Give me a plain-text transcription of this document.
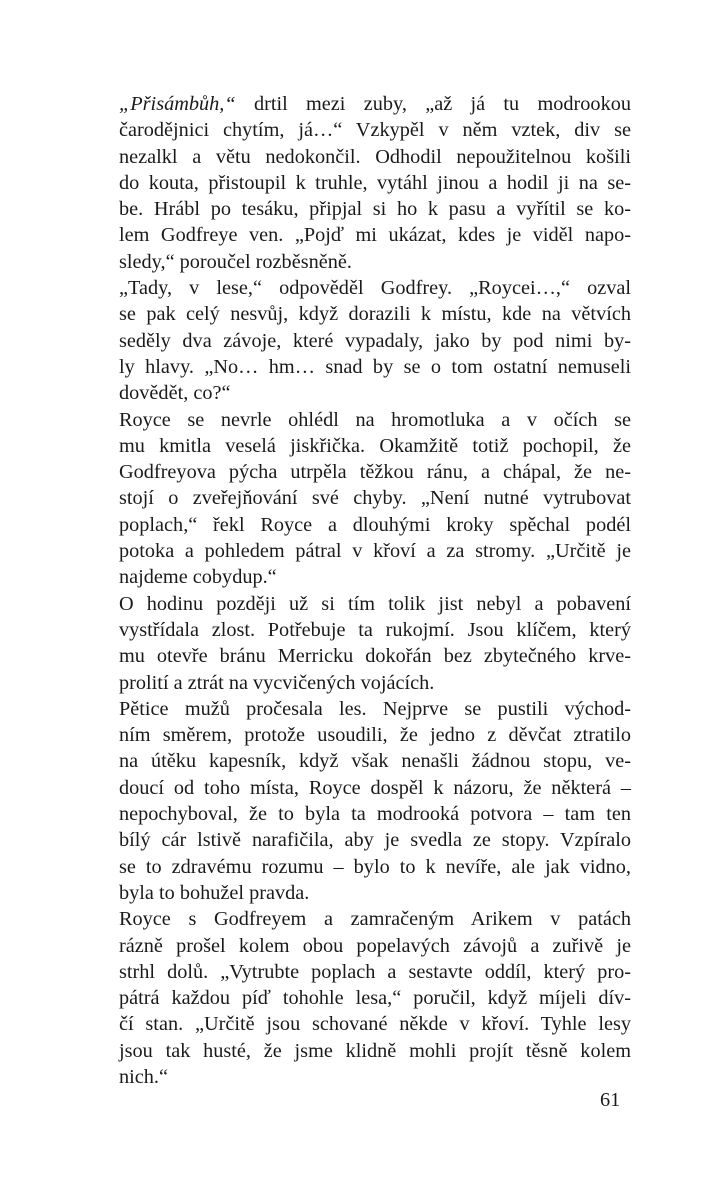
„Přisámbůh,“ drtil mezi zuby, „až já tu modrookou
čarodějnici chytím, já…“ Vzkypěl v něm vztek, div se
nezalkl a větu nedokončil. Odhodil nepoužitelnou košili
do kouta, přistoupil k truhle, vytáhl jinou a hodil ji na se-
be. Hrábl po tesáku, připjal si ho k pasu a vyřítil se ko-
lem Godfreye ven. „Pojď mi ukázat, kdes je viděl napo-
sledy,“ poroučel rozběsněně.
„Tady, v lese,“ odpověděl Godfrey. „Roycei…,“ ozval
se pak celý nesvůj, když dorazili k místu, kde na větvích
seděly dva závoje, které vypadaly, jako by pod nimi by-
ly hlavy. „No… hm… snad by se o tom ostatní nemuseli
dovědět, co?“
Royce se nevrle ohlédl na hromotluka a v očích se
mu kmitla veselá jiskřička. Okamžitě totiž pochopil, že
Godfreyova pýcha utrpěla těžkou ránu, a chápal, že ne-
stojí o zveřejňování své chyby. „Není nutné vytrubovat
poplach,“ řekl Royce a dlouhými kroky spěchal podél
potoka a pohledem pátral v křoví a za stromy. „Určitě je
najdeme cobydup.“
O hodinu později už si tím tolik jist nebyl a pobavení
vystřídala zlost. Potřebuje ta rukojmí. Jsou klíčem, který
mu otevře bránu Merricku dokořán bez zbytečného krve-
prolití a ztrát na vycvičených vojácích.
Pětice mužů pročesala les. Nejprve se pustili východ-
ním směrem, protože usoudili, že jedno z děvčat ztratilo
na útěku kapesník, když však nenašli žádnou stopu, ve-
doucí od toho místa, Royce dospěl k názoru, že některá –
nepochyboval, že to byla ta modrooká potvora – tam ten
bílý cár lstivě narafičila, aby je svedla ze stopy. Vzpíralo
se to zdravému rozumu – bylo to k nevíře, ale jak vidno,
byla to bohužel pravda.
Royce s Godfreyem a zamračeným Arikem v patách
rázně prošel kolem obou popelavých závojů a zuřivě je
strhl dolů. „Vytrubte poplach a sestavte oddíl, který pro-
pátrá každou píď tohohle lesa,“ poručil, když míjeli dív-
čí stan. „Určitě jsou schované někde v křoví. Tyhle lesy
jsou tak husté, že jsme klidně mohli projít těsně kolem
nich.“
61
